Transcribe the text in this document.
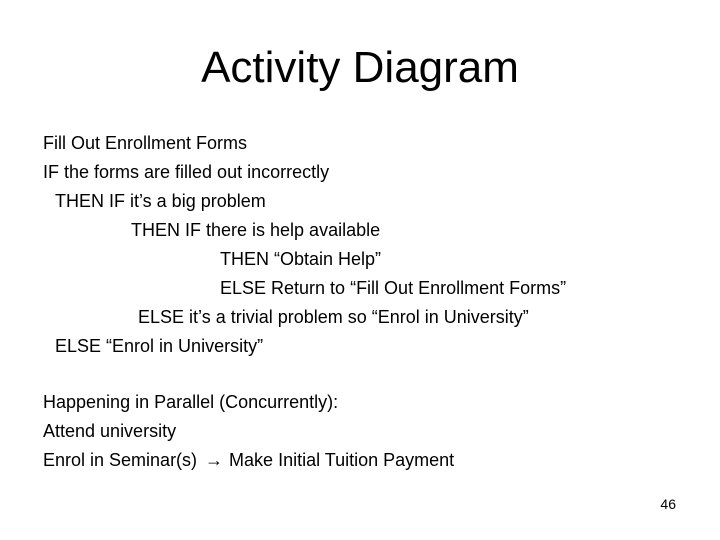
Activity Diagram
Fill Out Enrollment Forms
IF the forms are filled out incorrectly
THEN IF it’s a big problem
THEN IF there is help available
THEN “Obtain Help”
ELSE Return to “Fill Out Enrollment Forms”
ELSE it’s a trivial problem so “Enrol in University”
ELSE “Enrol in University”
Happening in Parallel (Concurrently):
Attend university
Enrol in Seminar(s) → Make Initial Tuition Payment
46
